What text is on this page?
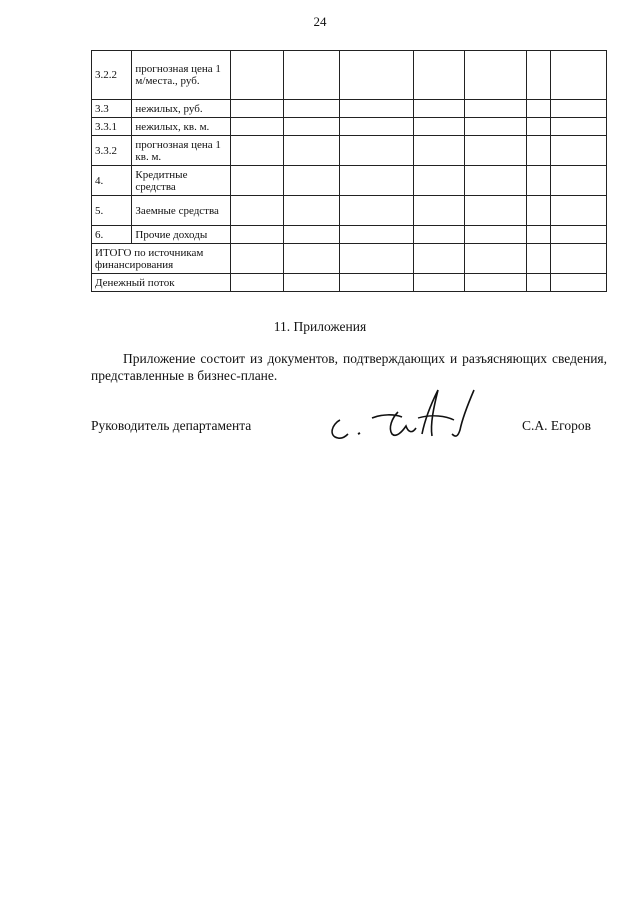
24
3.2.2	прогнозная цена 1 м/места., руб.							
3.3	нежилых, руб.							
3.3.1	нежилых, кв. м.							
3.3.2	прогнозная цена 1 кв. м.							
4.	Кредитные средства							
5.	Заемные средства							
6.	Прочие доходы							
ИТОГО по источникам финансирования								
Денежный поток								
11. Приложения
Приложение состоит из документов, подтверждающих и разъясняющих сведения, представленные в бизнес-плане.
Руководитель департамента	С.А. Егоров
